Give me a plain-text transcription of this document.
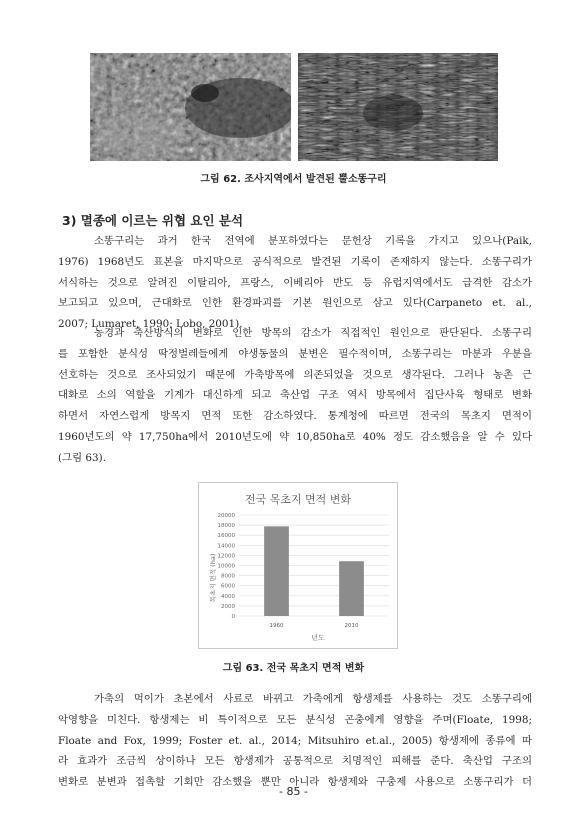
그림 62. 조사지역에서 발견된 뿔소똥구리
3) 멸종에 이르는 위협 요인 분석
소똥구리는 과거 한국 전역에 분포하였다는 문헌상 기록을 가지고 있으나(Paik,
1976) 1968년도 표본을 마지막으로 공식적으로 발견된 기록이 존재하지 않는다. 소똥구리가
서식하는 것으로 알려진 이탈리아, 프랑스, 이베리아 반도 등 유럽지역에서도 급격한 감소가
보고되고 있으며, 근대화로 인한 환경파괴를 기본 원인으로 삼고 있다(Carpaneto et. al.,
2007; Lumaret, 1990; Lobo, 2001).
농경과 축산방식의 변화로 인한 방목의 감소가 직접적인 원인으로 판단된다. 소똥구리
를 포함한 분식성 딱정벌레들에게 야생동물의 분변은 필수적이며, 소똥구리는 마분과 우분을
선호하는 것으로 조사되었기 때문에 가축방목에 의존되었을 것으로 생각된다. 그러나 농촌 근
대화로 소의 역할을 기계가 대신하게 되고 축산업 구조 역시 방목에서 집단사육 형태로 변화
하면서 자연스럽게 방목지 면적 또한 감소하였다. 통계청에 따르면 전국의 목초지 면적이
1960년도의 약 17,750ha에서 2010년도에 약 10,850ha로 40% 정도 감소했음을 알 수 있다
(그림 63).
전국 목초지 면적 변화
0
2000
4000
6000
8000
10000
12000
14000
16000
18000
20000
1960	2010
목초지 면적 (ha)
년도
그림 63. 전국 목초지 면적 변화
가축의 먹이가 초본에서 사료로 바뀌고 가축에게 항생제를 사용하는 것도 소똥구리에
악영향을 미친다. 항생제는 비 특이적으로 모든 분식성 곤충에게 영향을 주며(Floate, 1998;
Floate and Fox, 1999; Foster et. al., 2014; Mitsuhiro et.al., 2005) 항생제에 종류에 따
라 효과가 조금씩 상이하나 모든 항생제가 공통적으로 치명적인 피해를 준다. 축산업 구조의
변화로 분변과 접촉할 기회만 감소했을 뿐만 아니라 항생제와 구충제 사용으로 소똥구리가 더
- 85 -
